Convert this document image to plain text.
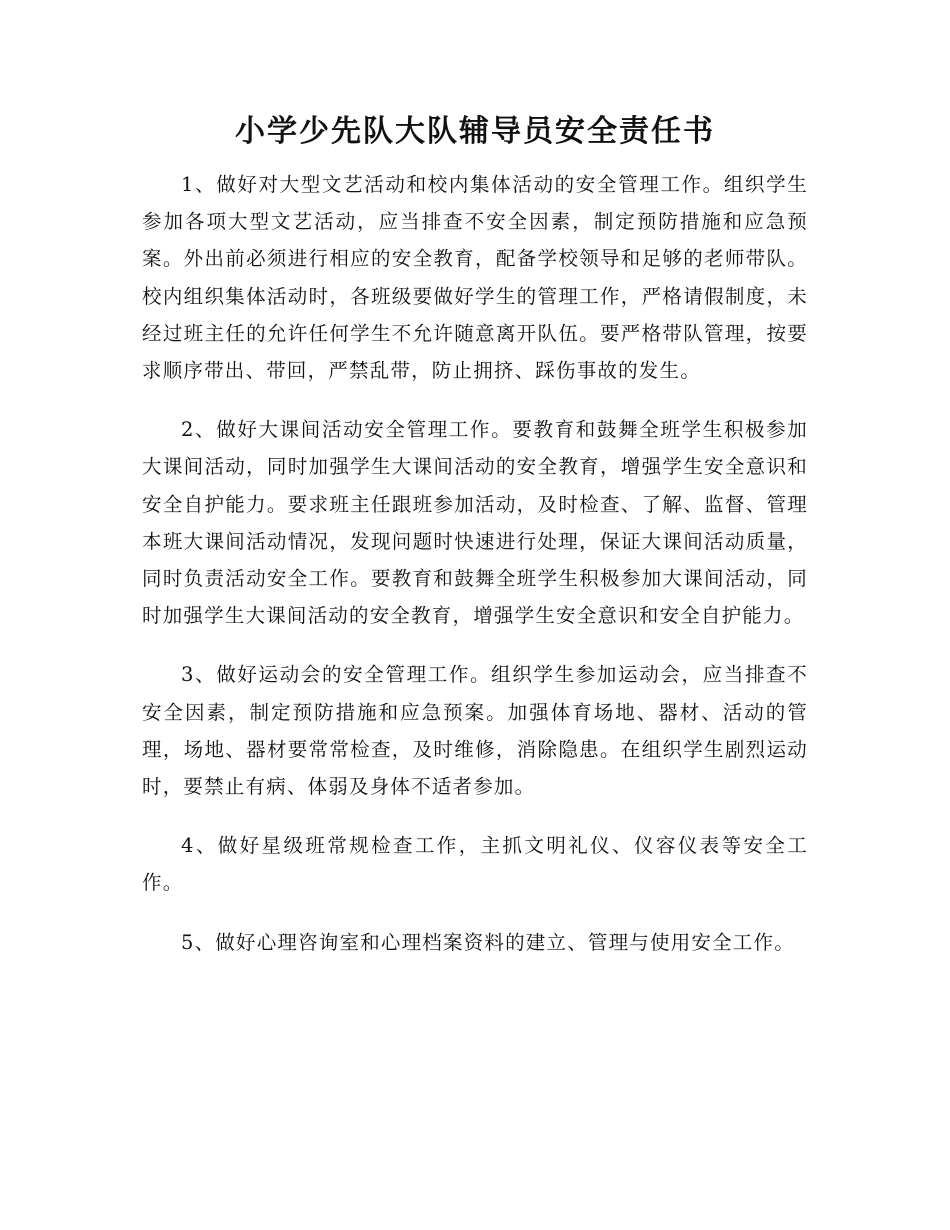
小学少先队大队辅导员安全责任书

1、做好对大型文艺活动和校内集体活动的安全管理工作。组织学生参加各项大型文艺活动，应当排查不安全因素，制定预防措施和应急预案。外出前必须进行相应的安全教育，配备学校领导和足够的老师带队。校内组织集体活动时，各班级要做好学生的管理工作，严格请假制度，未经过班主任的允许任何学生不允许随意离开队伍。要严格带队管理，按要求顺序带出、带回，严禁乱带，防止拥挤、踩伤事故的发生。

2、做好大课间活动安全管理工作。要教育和鼓舞全班学生积极参加大课间活动，同时加强学生大课间活动的安全教育，增强学生安全意识和安全自护能力。要求班主任跟班参加活动，及时检查、了解、监督、管理本班大课间活动情况，发现问题时快速进行处理，保证大课间活动质量，同时负责活动安全工作。要教育和鼓舞全班学生积极参加大课间活动，同时加强学生大课间活动的安全教育，增强学生安全意识和安全自护能力。

3、做好运动会的安全管理工作。组织学生参加运动会，应当排查不安全因素，制定预防措施和应急预案。加强体育场地、器材、活动的管理，场地、器材要常常检查，及时维修，消除隐患。在组织学生剧烈运动时，要禁止有病、体弱及身体不适者参加。

4、做好星级班常规检查工作，主抓文明礼仪、仪容仪表等安全工作。

5、做好心理咨询室和心理档案资料的建立、管理与使用安全工作。
